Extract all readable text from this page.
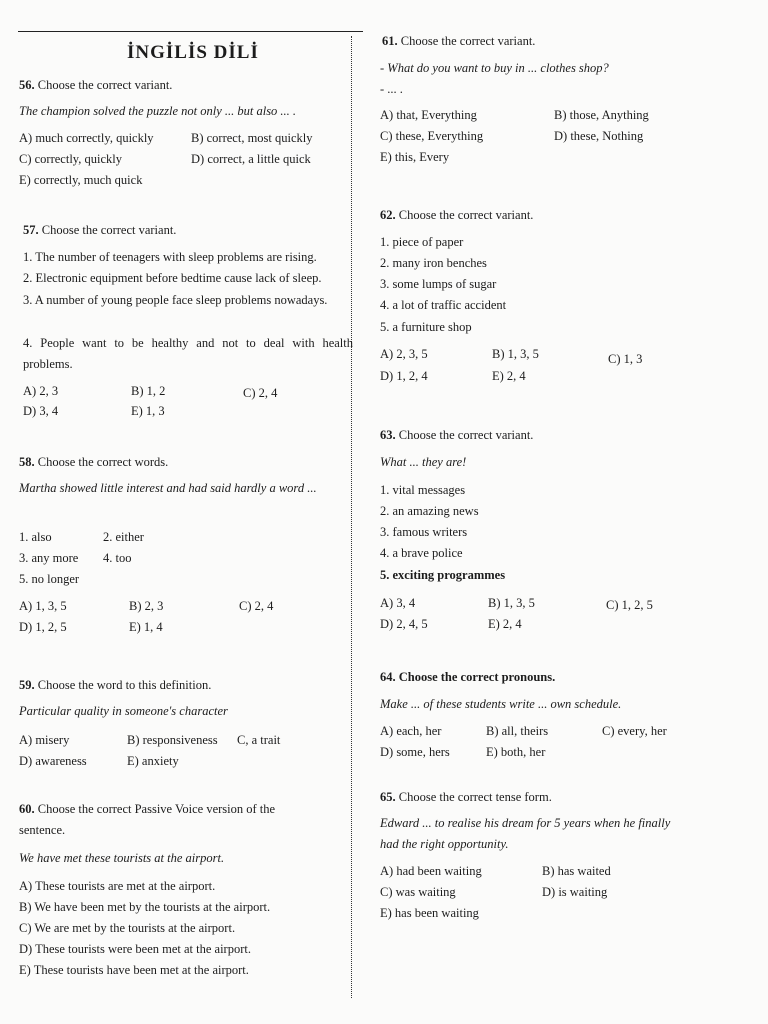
İNGİLİS DİLİ
56. Choose the correct variant.
The champion solved the puzzle not only ... but also ... .
A) much correctly, quickly	B) correct, most quickly
C) correctly, quickly	D) correct, a little quick
E) correctly, much quick
57. Choose the correct variant.
1. The number of teenagers with sleep problems are rising.
2. Electronic equipment before bedtime cause lack of sleep.
3. A number of young people face sleep problems nowadays.
4. People want to be healthy and not to deal with health problems.
A) 2, 3	B) 1, 2	C) 2, 4
D) 3, 4	E) 1, 3
58. Choose the correct words.
Martha showed little interest and had said hardly a word ...
1. also	2. either
3. any more 4. too
5. no longer
A) 1, 3, 5	B) 2, 3	C) 2, 4
D) 1, 2, 5	E) 1, 4
59. Choose the word to this definition.
Particular quality in someone's character
A) misery	B) responsiveness C, a trait
D) awareness	E) anxiety
60. Choose the correct Passive Voice version of the
sentence.
We have met these tourists at the airport.
A) These tourists are met at the airport.
B) We have been met by the tourists at the airport.
C) We are met by the tourists at the airport.
D) These tourists were been met at the airport.
E) These tourists have been met at the airport.
61. Choose the correct variant.
- What do you want to buy in ... clothes shop?
- ... .
A) that, Everything	B) those, Anything
C) these, Everything	D) these, Nothing
E) this, Every
62. Choose the correct variant.
1. piece of paper
2. many iron benches
3. some lumps of sugar
4. a lot of traffic accident
5. a furniture shop
A) 2, 3, 5	B) 1, 3, 5	C) 1, 3
D) 1, 2, 4	E) 2, 4
63. Choose the correct variant.
What ... they are!
1. vital messages
2. an amazing news
3. famous writers
4. a brave police
5. exciting programmes
A) 3, 4	B) 1, 3, 5	C) 1, 2, 5
D) 2, 4, 5	E) 2, 4
64. Choose the correct pronouns.
Make ... of these students write ... own schedule.
A) each, her	B) all, theirs	C) every, her
D) some, hers	E) both, her
65. Choose the correct tense form.
Edward ... to realise his dream for 5 years when he finally
had the right opportunity.
A) had been waiting	B) has waited
C) was waiting	D) is waiting
E) has been waiting
